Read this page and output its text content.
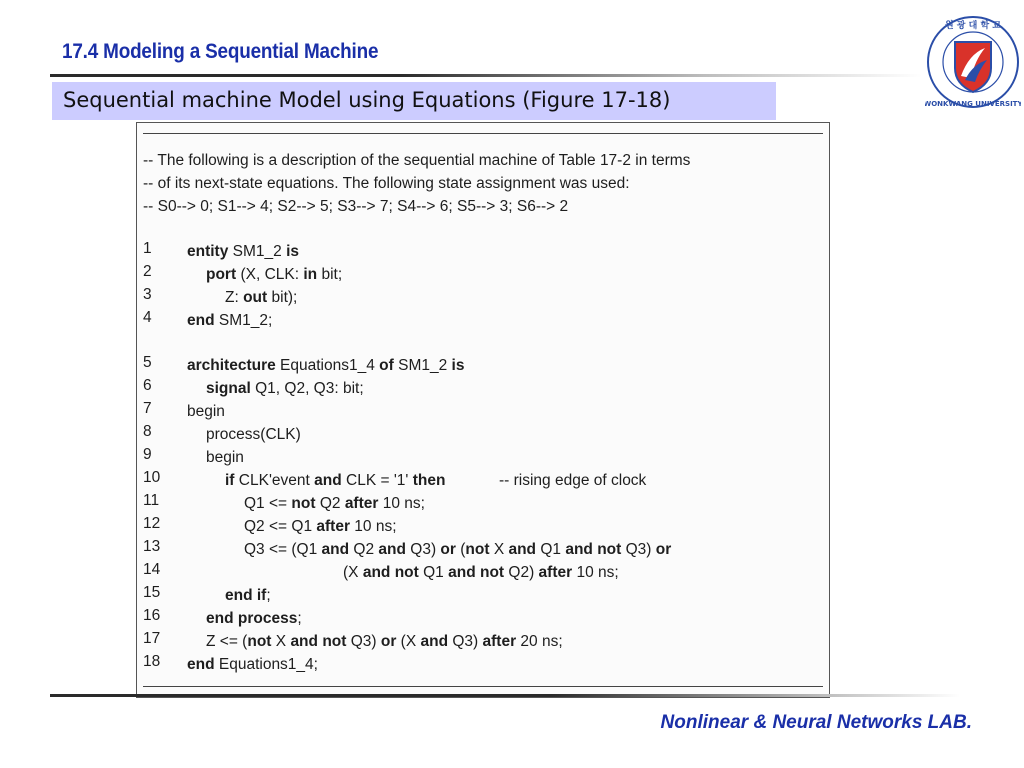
17.4 Modeling a Sequential Machine
원 광 대 학 교
WONKWANG UNIVERSITY
Sequential machine Model using Equations (Figure 17-18)
-- The following is a description of the sequential machine of Table 17-2 in terms
-- of its next-state equations. The following state assignment was used:
-- S0--> 0; S1--> 4; S2--> 5; S3--> 7; S4--> 6; S5--> 3; S6--> 2
1
2
3
4
5
6
7
8
9
10
11
12
13
14
15
16
17
18
entity SM1_2 is
port (X, CLK: in bit;
Z: out bit);
end SM1_2;
architecture Equations1_4 of SM1_2 is
signal Q1, Q2, Q3: bit;
begin
process(CLK)
begin
if CLK'event and CLK = '1' then	-- rising edge of clock
Q1 <= not Q2 after 10 ns;
Q2 <= Q1 after 10 ns;
Q3 <= (Q1 and Q2 and Q3) or (not X and Q1 and not Q3) or
(X and not Q1 and not Q2) after 10 ns;
end if;
end process;
Z <= (not X and not Q3) or (X and Q3) after 20 ns;
end Equations1_4;
Nonlinear & Neural Networks LAB.
